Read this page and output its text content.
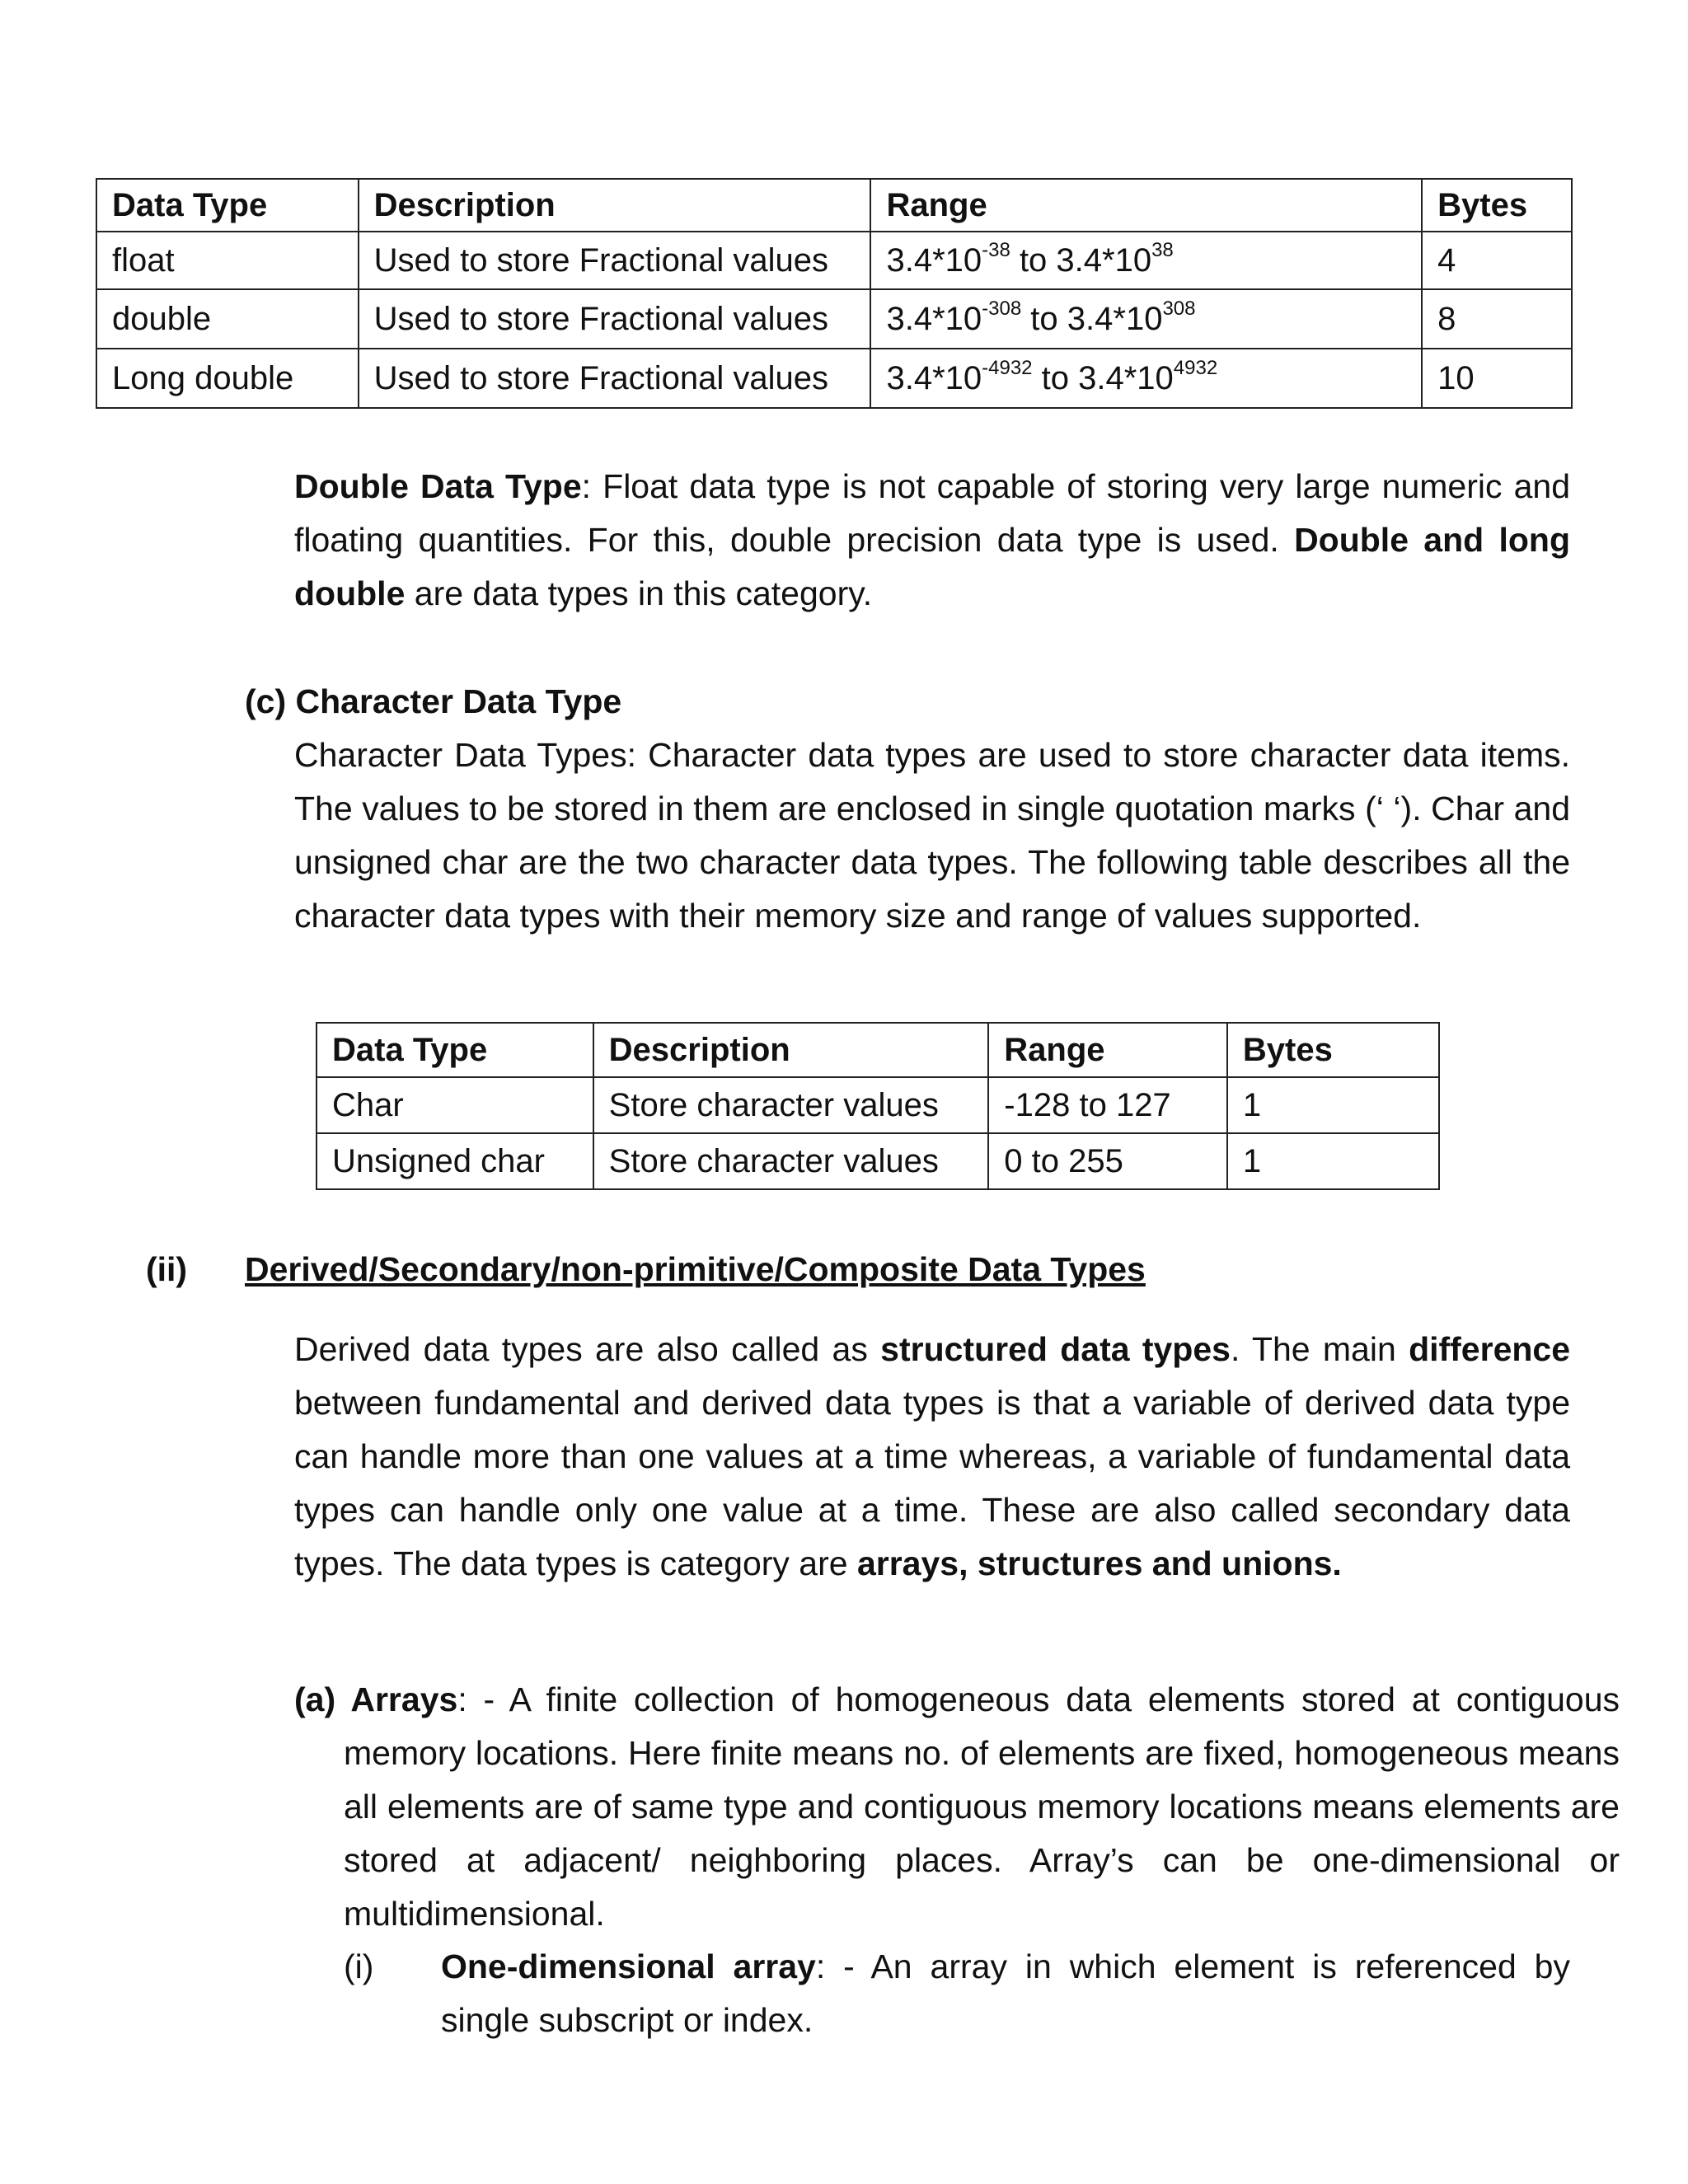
Data Type	Description	Range	Bytes
float	Used to store Fractional values	$3.4*10^{-38}$ to $3.4*10^{38}$	4
double	Used to store Fractional values	$3.4*10^{-308}$ to $3.4*10^{308}$	8
Long double	Used to store Fractional values	$3.4*10^{-4932}$ to $3.4*10^{4932}$	10
Double Data Type: Float data type is not capable of storing very large numeric and floating quantities. For this, double precision data type is used. Double and long double are data types in this category.
(c) Character Data Type
Character Data Types: Character data types are used to store character data items. The values to be stored in them are enclosed in single quotation marks (‘ ‘). Char and unsigned char are the two character data types. The following table describes all the character data types with their memory size and range of values supported.
Data Type	Description	Range	Bytes
Char	Store character values	-128 to 127	1
Unsigned char	Store character values	0 to 255	1
(ii) Derived/Secondary/non-primitive/Composite Data Types
Derived data types are also called as structured data types. The main difference between fundamental and derived data types is that a variable of derived data type can handle more than one values at a time whereas, a variable of fundamental data types can handle only one value at a time. These are also called secondary data types. The data types is category are arrays, structures and unions.
(a) Arrays: - A finite collection of homogeneous data elements stored at contiguous memory locations. Here finite means no. of elements are fixed, homogeneous means all elements are of same type and contiguous memory locations means elements are stored at adjacent/ neighboring places. Array’s can be one-dimensional or multidimensional.
(i) One-dimensional array: - An array in which element is referenced by single subscript or index.
